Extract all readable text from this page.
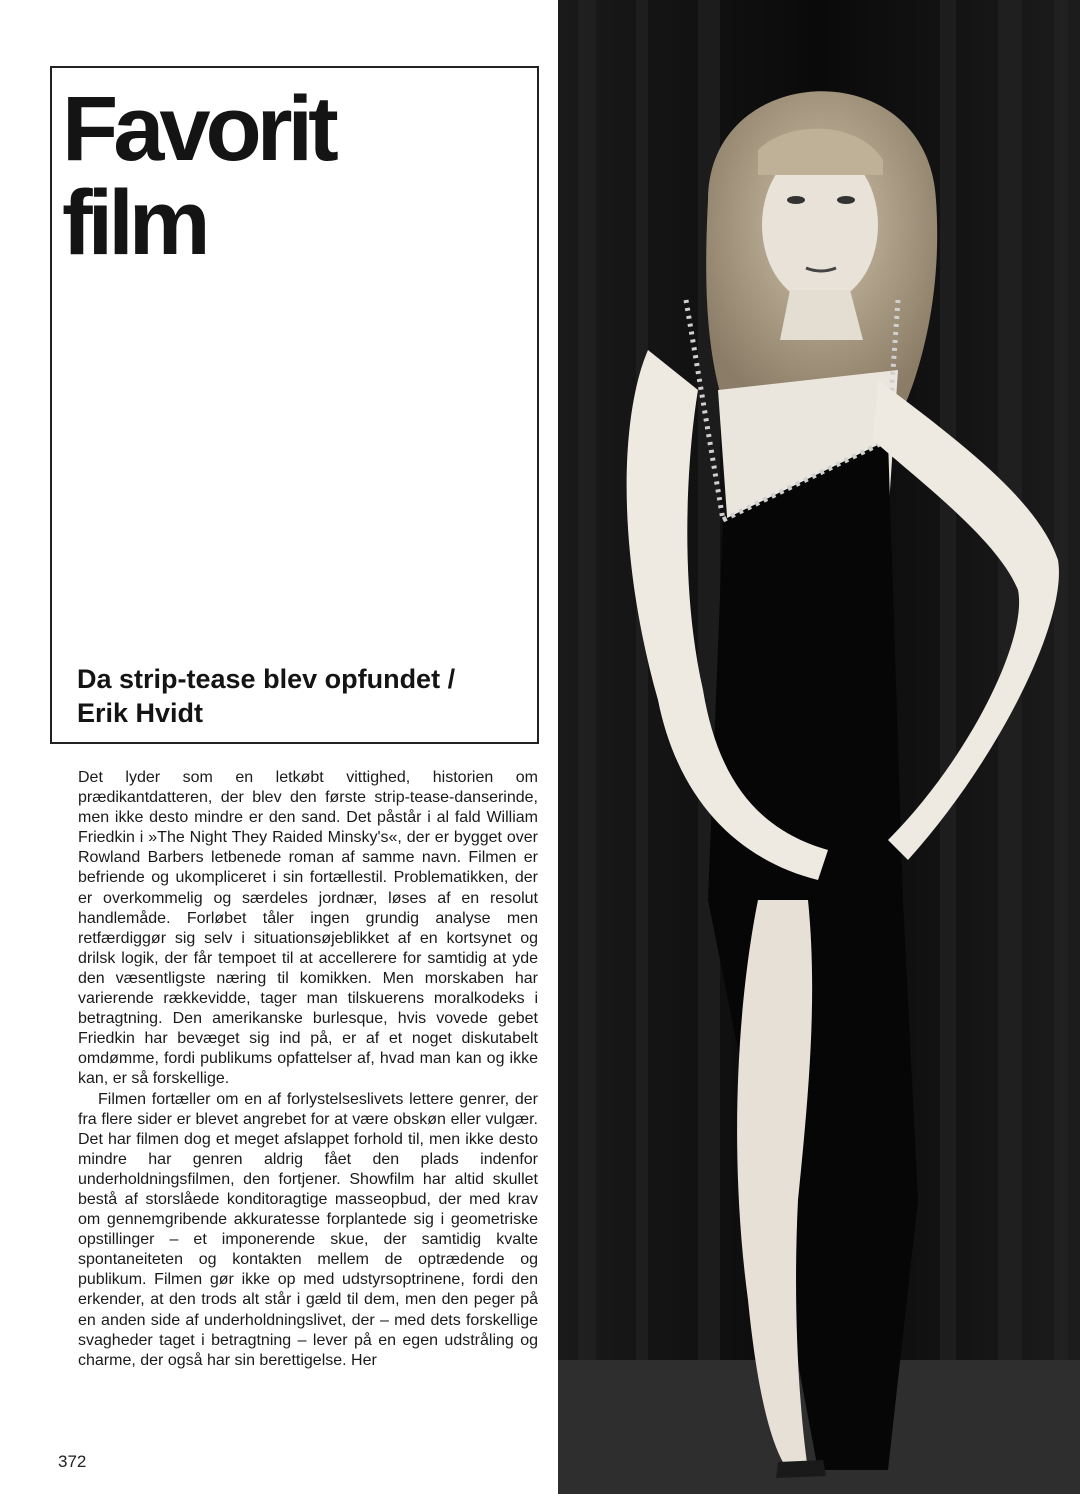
Favorit
film
Da strip-tease blev opfundet /
Erik Hvidt

Det lyder som en letkøbt vittighed, historien om prædikantdatteren, der blev den første strip-tease-danserinde, men ikke desto mindre er den sand. Det påstår i al fald William Friedkin i »The Night They Raided Minsky's«, der er bygget over Rowland Barbers letbenede roman af samme navn. Filmen er befriende og ukompliceret i sin fortællestil. Problematikken, der er overkommelig og særdeles jordnær, løses af en resolut handlemåde. Forløbet tåler ingen grundig analyse men retfærdiggør sig selv i situationsøjeblikket af en kortsynet og drilsk logik, der får tempoet til at accellerere for samtidig at yde den væsentligste næring til komikken. Men morskaben har varierende rækkevidde, tager man tilskuerens moralkodeks i betragtning. Den amerikanske burlesque, hvis vovede gebet Friedkin har bevæget sig ind på, er af et noget diskutabelt omdømme, fordi publikums opfattelser af, hvad man kan og ikke kan, er så forskellige.

Filmen fortæller om en af forlystelseslivets lettere genrer, der fra flere sider er blevet angrebet for at være obskøn eller vulgær. Det har filmen dog et meget afslappet forhold til, men ikke desto mindre har genren aldrig fået den plads indenfor underholdningsfilmen, den fortjener. Showfilm har altid skullet bestå af storslåede konditoragtige masseopbud, der med krav om gennemgribende akkuratesse forplantede sig i geometriske opstillinger – et imponerende skue, der samtidig kvalte spontaneiteten og kontakten mellem de optrædende og publikum. Filmen gør ikke op med udstyrsoptrinene, fordi den erkender, at den trods alt står i gæld til dem, men den peger på en anden side af underholdningslivet, der – med dets forskellige svagheder taget i betragtning – lever på en egen udstråling og charme, der også har sin berettigelse. Her

372
